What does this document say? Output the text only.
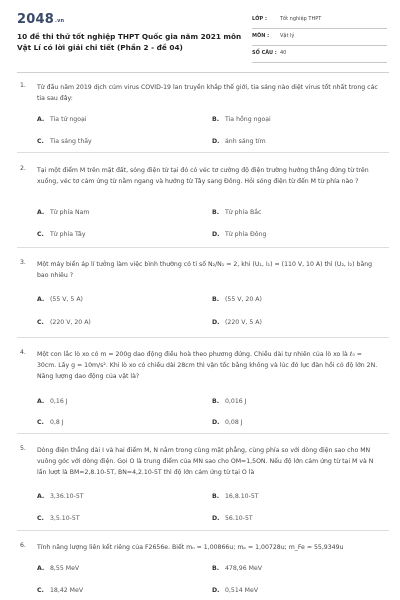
2048.vn
10 đề thi thử tốt nghiệp THPT Quốc gia năm 2021 môn Vật Lí có lời giải chi tiết (Phần 2 - đề 04)
LỚP :	Tốt nghiệp THPT
MÔN : Vật lý
SỐ CÂU : 40
1. Từ đầu năm 2019 dịch cúm virus COVID-19 lan truyền khắp thế giới, tia sáng nào diệt virus tốt nhất trong các tia sau đây:
A. Tia tử ngoại	B. Tia hồng ngoại
C. Tia sáng thấy	D. ánh sáng tím
2. Tại một điểm M trên mặt đất, sóng điện từ tại đó có véc tơ cường độ điện trường hướng thẳng đứng từ trên xuống, véc tơ cảm ứng từ nằm ngang và hướng từ Tây sang Đông. Hỏi sóng điện từ đến M từ phía nào ?
A. Từ phía Nam	B. Từ phía Bắc
C. Từ phía Tây	D. Từ phía Đông
3. Một máy biến áp lí tưởng làm việc bình thường có tỉ số N₂/N₁ = 2, khi (U₁, I₁) = (110 V, 10 A) thì (U₂, I₂) bằng bao nhiêu ?
A. (55 V, 5 A)	B. (55 V, 20 A)
C. (220 V, 20 A)	D. (220 V, 5 A)
4. Một con lắc lò xo có m = 200g dao động điều hoà theo phương đứng. Chiều dài tự nhiên của lò xo là ℓ₀ = 30cm. Lấy g = 10m/s². Khi lò xo có chiều dài 28cm thì vận tốc bằng không và lúc đó lực đàn hồi có độ lớn 2N. Năng lượng dao động của vật là?
A. 0,16 J	B. 0,016 J
C. 0,8 J	D. 0,08 J
5. Dòng điện thẳng dài I và hai điểm M, N nằm trong cùng mặt phẳng, cùng phía so với dòng điện sao cho MN vuông góc với dòng điện. Gọi O là trung điểm của MN sao cho OM=1,5ON. Nếu độ lớn cảm ứng từ tại M và N lần lượt là BM=2,8.10-5T, BN=4,2.10-5T thì độ lớn cảm ứng từ tại O là
A. 3,36.10-5T	B. 16,8.10-5T
C. 3,5.10-5T	D. 56.10-5T
6. Tính năng lượng liên kết riêng của F2656e. Biết mₙ = 1,00866u; mₚ = 1,00728u; m_Fe = 55,9349u
A. 8,55 MeV	B. 478,96 MeV
C. 18,42 MeV	D. 0,514 MeV
